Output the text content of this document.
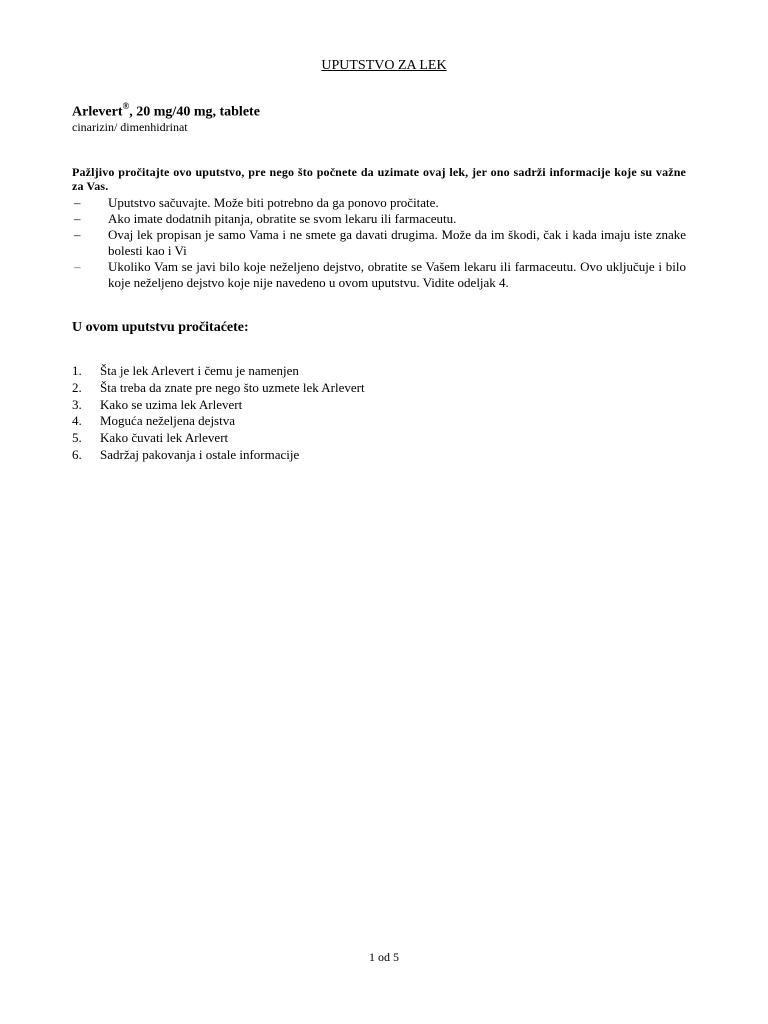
UPUTSTVO ZA LEK
Arlevert®, 20 mg/40 mg, tablete
cinarizin/ dimenhidrinat
Pažljivo pročitajte ovo uputstvo, pre nego što počnete da uzimate ovaj lek, jer ono sadrži informacije koje su važne za Vas.
– Uputstvo sačuvajte. Može biti potrebno da ga ponovo pročitate.
– Ako imate dodatnih pitanja, obratite se svom lekaru ili farmaceutu.
– Ovaj lek propisan je samo Vama i ne smete ga davati drugima. Može da im škodi, čak i kada imaju iste znake bolesti kao i Vi
– Ukoliko Vam se javi bilo koje neželjeno dejstvo, obratite se Vašem lekaru ili farmaceutu. Ovo uključuje i bilo koje neželjeno dejstvo koje nije navedeno u ovom uputstvu. Vidite odeljak 4.
U ovom uputstvu pročitaćete:
1. Šta je lek Arlevert i čemu je namenjen
2. Šta treba da znate pre nego što uzmete lek Arlevert
3. Kako se uzima lek Arlevert
4. Moguća neželjena dejstva
5. Kako čuvati lek Arlevert
6. Sadržaj pakovanja i ostale informacije
1 od 5
